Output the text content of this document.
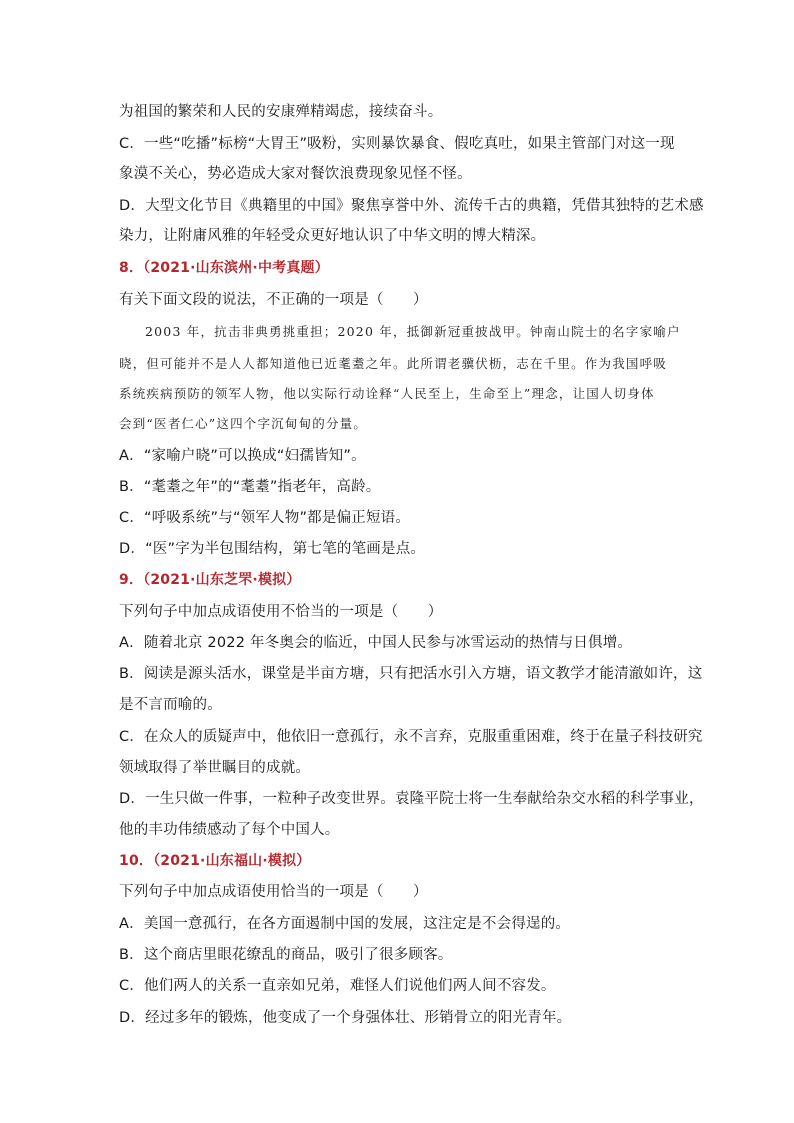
为祖国的繁荣和人民的安康殚精竭虑，接续奋斗。
C．一些“吃播”标榜“大胃王”吸粉，实则暴饮暴食、假吃真吐，如果主管部门对这一现
象漠不关心，势必造成大家对餐饮浪费现象见怪不怪。
D．大型文化节目《典籍里的中国》聚焦享誉中外、流传千古的典籍，凭借其独特的艺术感
染力，让附庸风雅的年轻受众更好地认识了中华文明的博大精深。
8．（2021·山东滨州·中考真题）
有关下面文段的说法，不正确的一项是（　　）
2003 年，抗击非典勇挑重担；2020 年，抵御新冠重披战甲。钟南山院士的名字家喻户
晓，但可能并不是人人都知道他已近耄耋之年。此所谓老骥伏枥，志在千里。作为我国呼吸
系统疾病预防的领军人物，他以实际行动诠释“人民至上，生命至上”理念，让国人切身体
会到“医者仁心”这四个字沉甸甸的分量。
A．“家喻户晓”可以换成“妇孺皆知”。
B．“耄耋之年”的“耄耋”指老年，高龄。
C．“呼吸系统”与“领军人物”都是偏正短语。
D．“医”字为半包围结构，第七笔的笔画是点。
9．（2021·山东芝罘·模拟）
下列句子中加点成语使用不恰当的一项是（　　）
A．随着北京 2022 年冬奥会的临近，中国人民参与冰雪运动的热情与日俱增。
B．阅读是源头活水，课堂是半亩方塘，只有把活水引入方塘，语文教学才能清澈如许，这
是不言而喻的。
C．在众人的质疑声中，他依旧一意孤行，永不言弃，克服重重困难，终于在量子科技研究
领域取得了举世瞩目的成就。
D．一生只做一件事，一粒种子改变世界。袁隆平院士将一生奉献给杂交水稻的科学事业，
他的丰功伟绩感动了每个中国人。
10．（2021·山东福山·模拟）
下列句子中加点成语使用恰当的一项是（　　）
A．美国一意孤行，在各方面遏制中国的发展，这注定是不会得逞的。
B．这个商店里眼花缭乱的商品，吸引了很多顾客。
C．他们两人的关系一直亲如兄弟，难怪人们说他们两人间不容发。
D．经过多年的锻炼，他变成了一个身强体壮、形销骨立的阳光青年。
